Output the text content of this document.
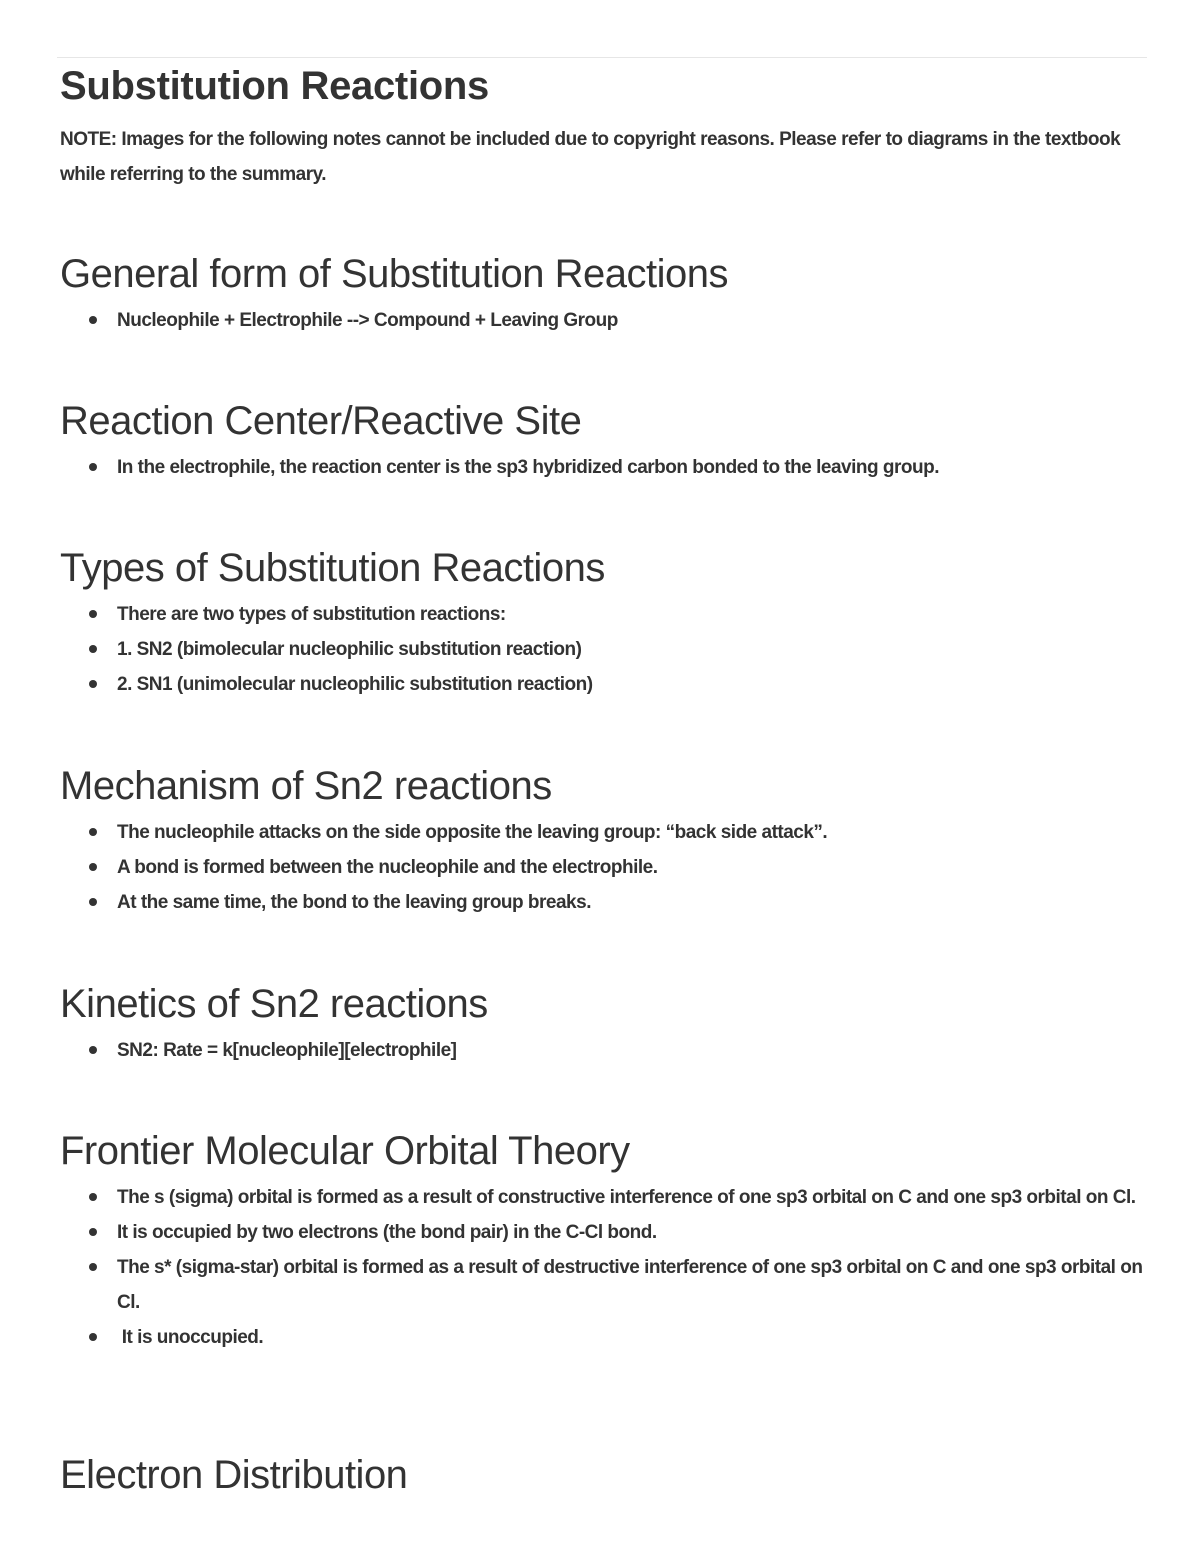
Substitution Reactions

NOTE: Images for the following notes cannot be included due to copyright reasons. Please refer to diagrams in the textbook while referring to the summary.

General form of Substitution Reactions
Nucleophile + Electrophile --> Compound + Leaving Group
Reaction Center/Reactive Site
In the electrophile, the reaction center is the sp3 hybridized carbon bonded to the leaving group.
Types of Substitution Reactions
There are two types of substitution reactions:
1. SN2 (bimolecular nucleophilic substitution reaction)
2. SN1 (unimolecular nucleophilic substitution reaction)
Mechanism of Sn2 reactions
The nucleophile attacks on the side opposite the leaving group: “back side attack”.
A bond is formed between the nucleophile and the electrophile.
At the same time, the bond to the leaving group breaks.
Kinetics of Sn2 reactions
SN2: Rate = k[nucleophile][electrophile]
Frontier Molecular Orbital Theory
The s (sigma) orbital is formed as a result of constructive interference of one sp3 orbital on C and one sp3 orbital on Cl.
It is occupied by two electrons (the bond pair) in the C-Cl bond.
The s* (sigma-star) orbital is formed as a result of destructive interference of one sp3 orbital on C and one sp3 orbital on Cl.
It is unoccupied.
Electron Distribution
